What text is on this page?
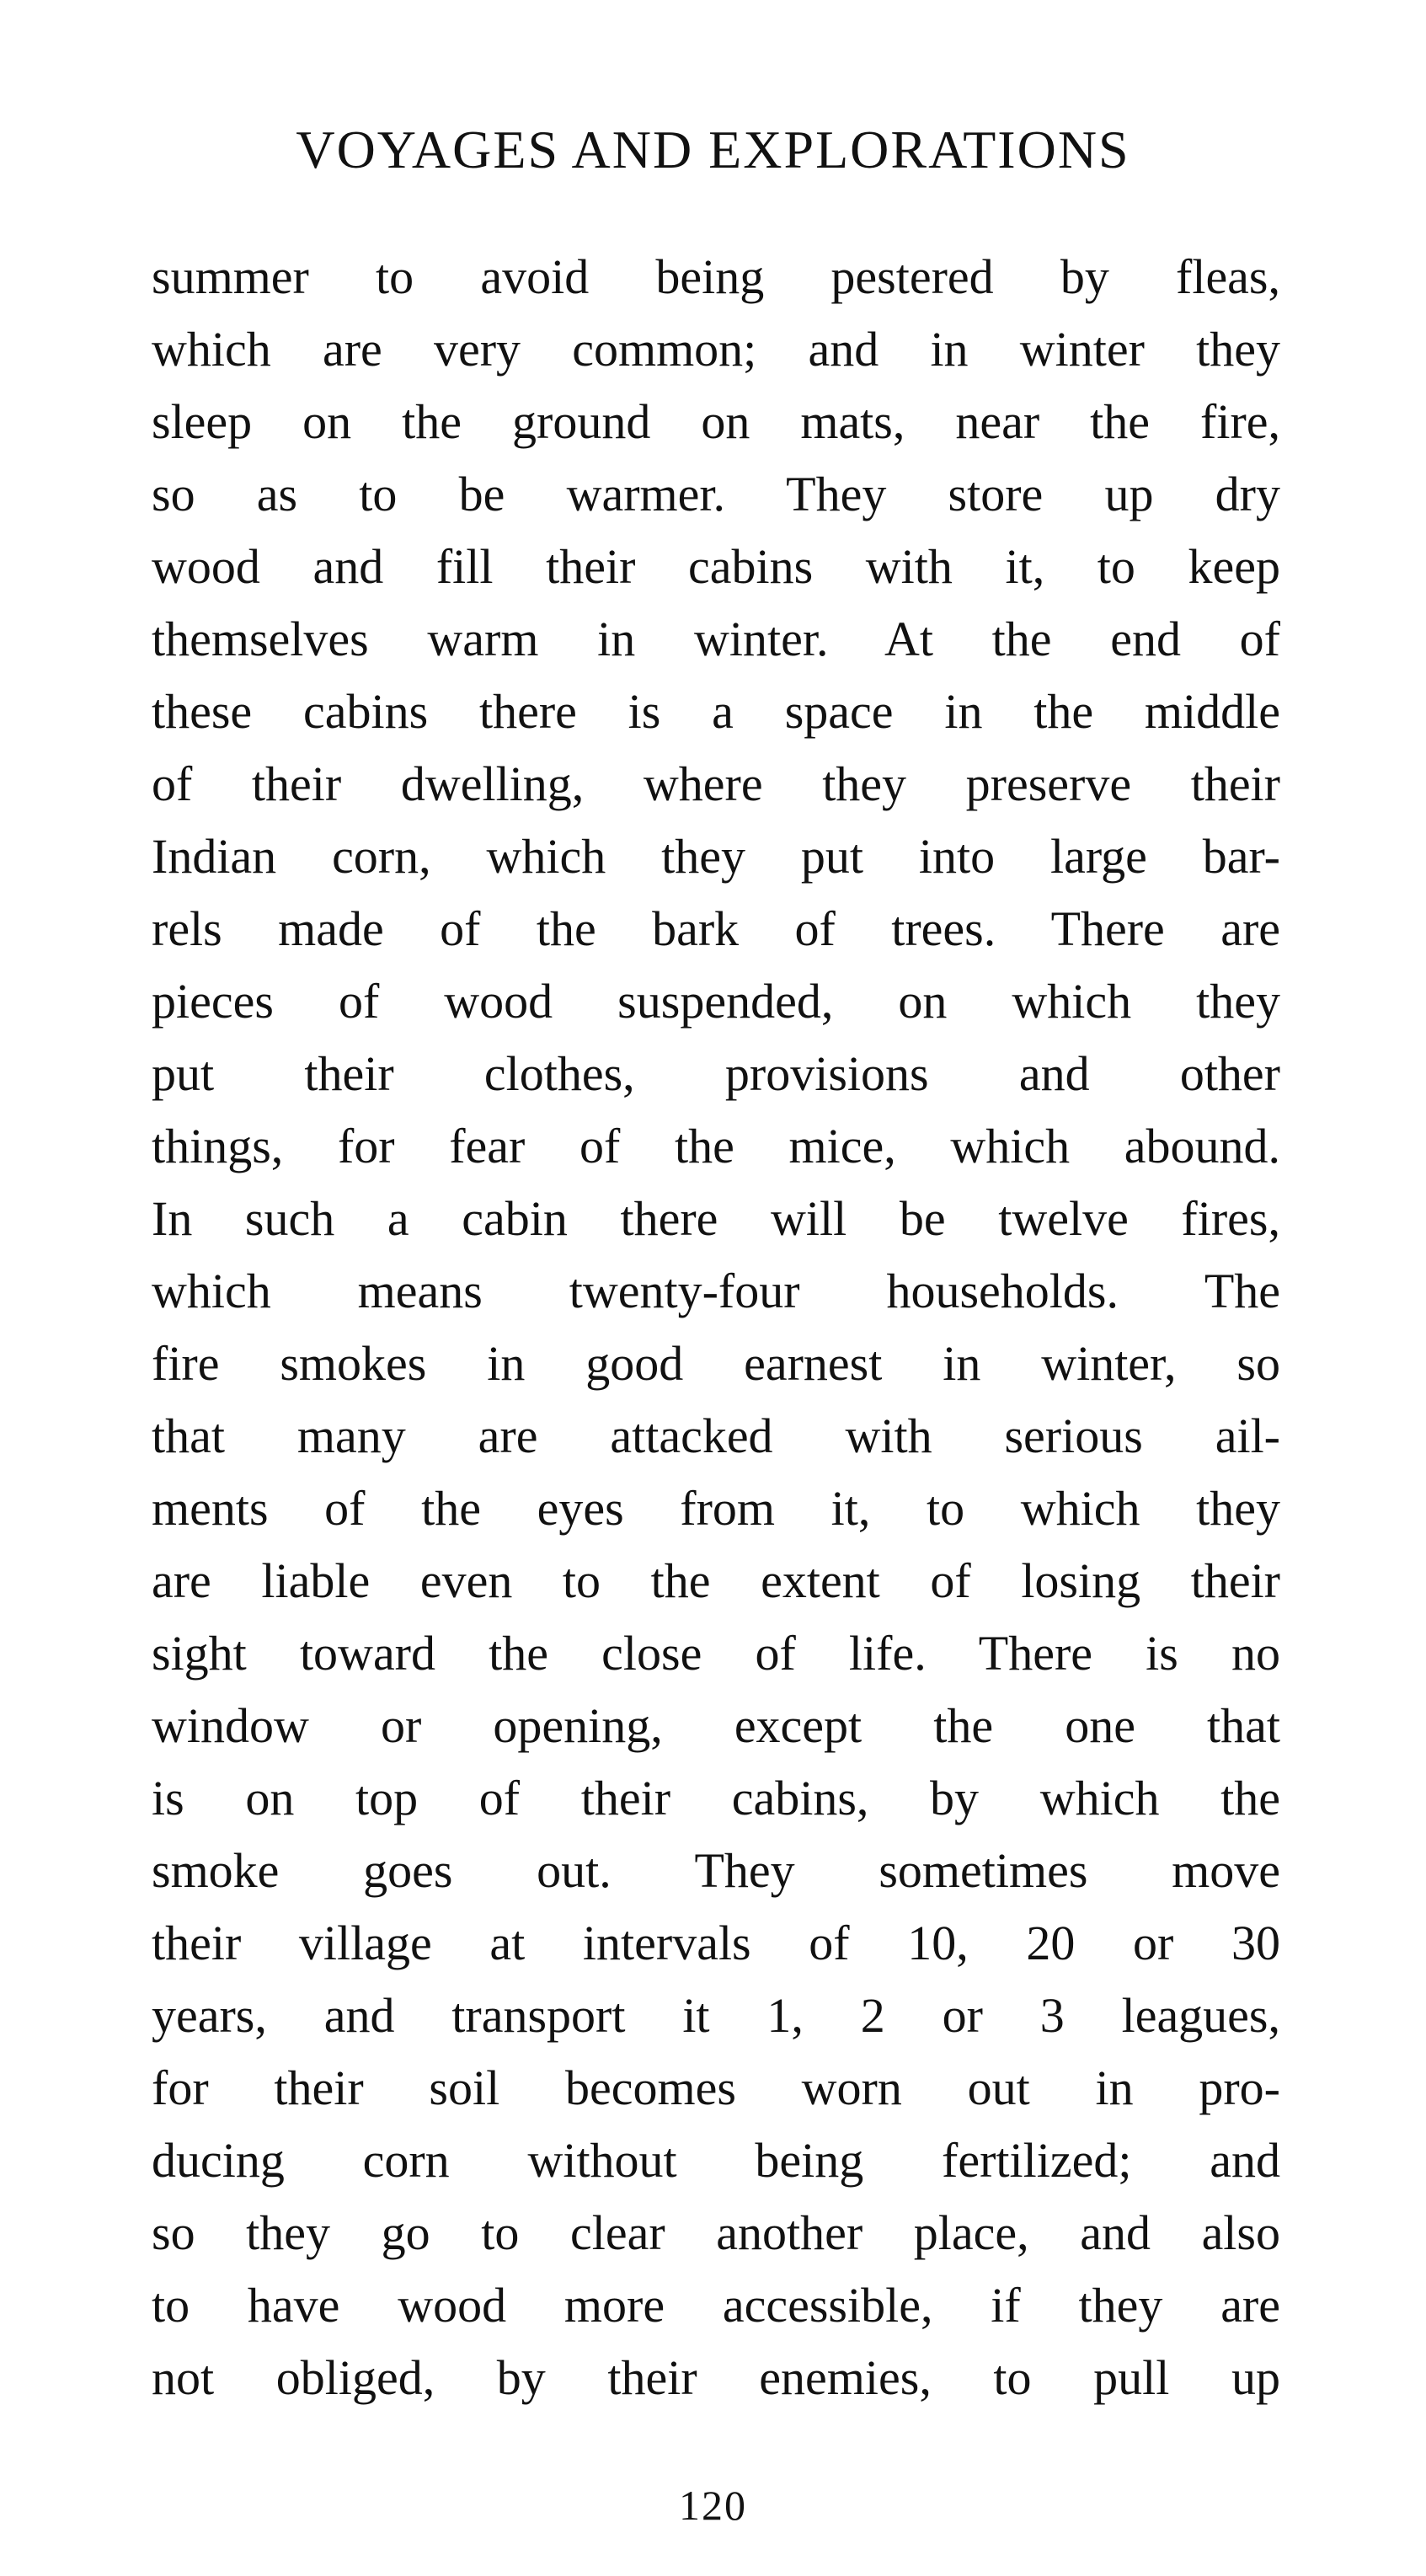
VOYAGES AND EXPLORATIONS
summer to avoid being pestered by fleas,
which are very common; and in winter they
sleep on the ground on mats, near the fire,
so as to be warmer. They store up dry
wood and fill their cabins with it, to keep
themselves warm in winter. At the end of
these cabins there is a space in the middle
of their dwelling, where they preserve their
Indian corn, which they put into large bar-
rels made of the bark of trees. There are
pieces of wood suspended, on which they
put their clothes, provisions and other
things, for fear of the mice, which abound.
In such a cabin there will be twelve fires,
which means twenty-four households. The
fire smokes in good earnest in winter, so
that many are attacked with serious ail-
ments of the eyes from it, to which they
are liable even to the extent of losing their
sight toward the close of life. There is no
window or opening, except the one that
is on top of their cabins, by which the
smoke goes out. They sometimes move
their village at intervals of 10, 20 or 30
years, and transport it 1, 2 or 3 leagues,
for their soil becomes worn out in pro-
ducing corn without being fertilized; and
so they go to clear another place, and also
to have wood more accessible, if they are
not obliged, by their enemies, to pull up
120
